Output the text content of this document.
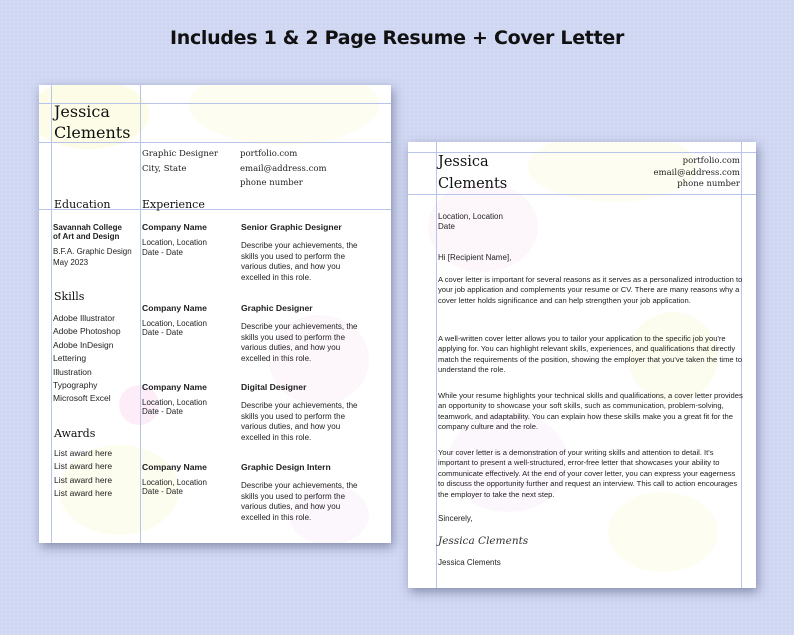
Includes 1 & 2 Page Resume + Cover Letter
Jessica
Clements
Graphic Designer
City, State
portfolio.com
email@address.com
phone number
Education
Savannah College
of Art and Design
B.F.A. Graphic Design
May 2023
Skills
Adobe Illustrator
Adobe Photoshop
Adobe InDesign
Lettering
Illustration
Typography
Microsoft Excel
Awards
List award here
List award here
List award here
List award here
Experience
Company Name
Location, Location
Date - Date
Senior Graphic Designer
Describe your achievements, the skills you used to perform the various duties, and how you excelled in this role.
Company Name
Location, Location
Date - Date
Graphic Designer
Describe your achievements, the skills you used to perform the various duties, and how you excelled in this role.
Company Name
Location, Location
Date - Date
Digital Designer
Describe your achievements, the skills you used to perform the various duties, and how you excelled in this role.
Company Name
Location, Location
Date - Date
Graphic Design Intern
Describe your achievements, the skills you used to perform the various duties, and how you excelled in this role.
Jessica
Clements
portfolio.com
email@address.com
phone number
Location, Location
Date
Hi [Recipient Name],
A cover letter is important for several reasons as it serves as a personalized introduction to your job application and complements your resume or CV. There are many reasons why a cover letter holds significance and can help strengthen your job application.
A well-written cover letter allows you to tailor your application to the specific job you're applying for. You can highlight relevant skills, experiences, and qualifications that directly match the requirements of the position, showing the employer that you've taken the time to understand the role.
While your resume highlights your technical skills and qualifications, a cover letter provides an opportunity to showcase your soft skills, such as communication, problem-solving, teamwork, and adaptability. You can explain how these skills make you a great fit for the company culture and the role.
Your cover letter is a demonstration of your writing skills and attention to detail. It's important to present a well-structured, error-free letter that showcases your ability to communicate effectively. At the end of your cover letter, you can express your eagerness to discuss the opportunity further and request an interview. This call to action encourages the employer to take the next step.
Sincerely,
Jessica Clements
Jessica Clements
